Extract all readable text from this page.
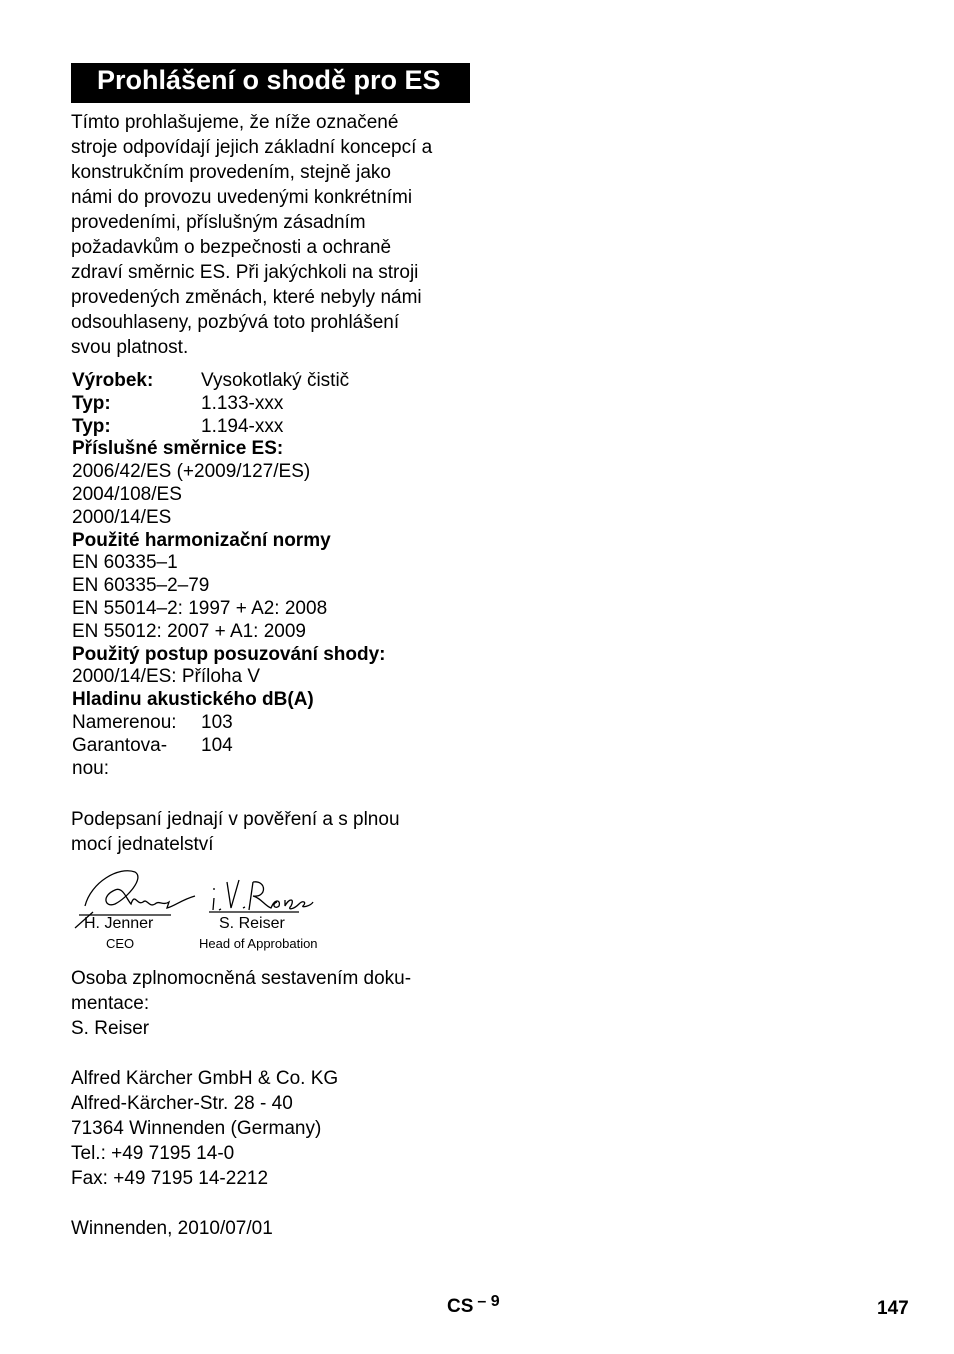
Prohlášení o shodě pro ES
Tímto prohlašujeme, že níže označené
stroje odpovídají jejich základní koncepcí a
konstrukčním provedením, stejně jako
námi do provozu uvedenými konkrétními
provedeními, příslušným zásadním
požadavkům o bezpečnosti a ochraně
zdraví směrnic ES. Při jakýchkoli na stroji
provedených změnách, které nebyly námi
odsouhlaseny, pozbývá toto prohlášení
svou platnost.
Výrobek:	Vysokotlaký čistič
Typ:	1.133-xxx
Typ:	1.194-xxx
Příslušné směrnice ES:
2006/42/ES (+2009/127/ES)
2004/108/ES
2000/14/ES
Použité harmonizační normy
EN 60335–1
EN 60335–2–79
EN 55014–2: 1997 + A2: 2008
EN 55012: 2007 + A1: 2009
Použitý postup posuzování shody:
2000/14/ES: Příloha V
Hladinu akustického dB(A)
Namerenou: 103
Garantova- 104
nou:
Podepsaní jednají v pověření a s plnou
mocí jednatelství
H. Jenner	S. Reiser
CEO	Head of Approbation
Osoba zplnomocněná sestavením doku-
mentace:
S. Reiser
Alfred Kärcher GmbH & Co. KG
Alfred-Kärcher-Str. 28 - 40
71364 Winnenden (Germany)
Tel.: +49 7195 14-0
Fax: +49 7195 14-2212
Winnenden, 2010/07/01
CS $^{- 9}$	147
